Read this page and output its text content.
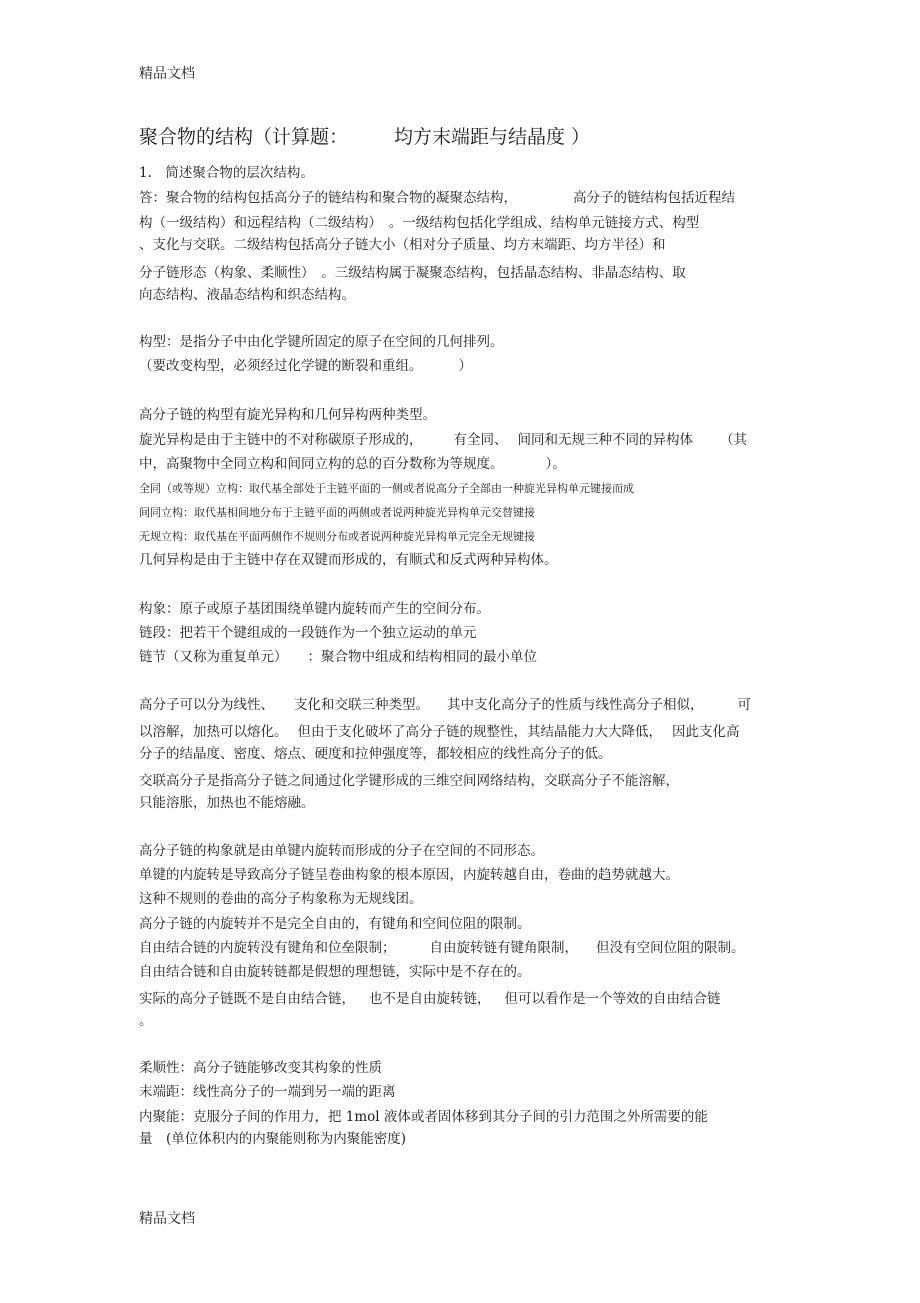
精品文档
聚合物的结构（计算题： 均方末端距与结晶度 ）
1.　简述聚合物的层次结构。
答：聚合物的结构包括高分子的链结构和聚合物的凝聚态结构，	高分子的链结构包括近程结
构（一级结构）和远程结构（二级结构）　。一级结构包括化学组成、结构单元链接方式、构型
、支化与交联。二级结构包括高分子链大小（相对分子质量、均方末端距、均方半径）和
分子链形态（构象、柔顺性）　。三级结构属于凝聚态结构，包括晶态结构、非晶态结构、取
向态结构、液晶态结构和织态结构。
构型：是指分子中由化学键所固定的原子在空间的几何排列。
（要改变构型，必须经过化学键的断裂和重组。	）
高分子链的构型有旋光异构和几何异构两种类型。
旋光异构是由于主链中的不对称碳原子形成的， 有全同、 间同和无规三种不同的异构体 （其
中，高聚物中全同立构和间同立构的总的百分数称为等规度。	）。
全同（或等规）立构：取代基全部处于主链平面的一侧或者说高分子全部由一种旋光异构单元键接而成
间同立构：取代基相间地分布于主链平面的两侧或者说两种旋光异构单元交替键接
无规立构：取代基在平面两侧作不规则分布或者说两种旋光异构单元完全无规键接
几何异构是由于主链中存在双键而形成的，有顺式和反式两种异构体。
构象：原子或原子基团围绕单键内旋转而产生的空间分布。
链段：把若干个键组成的一段链作为一个独立运动的单元
链节（又称为重复单元） ：聚合物中组成和结构相同的最小单位
高分子可以分为线性、 支化和交联三种类型。 其中支化高分子的性质与线性高分子相似，	可
以溶解，加热可以熔化。 但由于支化破坏了高分子链的规整性，其结晶能力大大降低， 因此支化高
分子的结晶度、密度、熔点、硬度和拉伸强度等，都较相应的线性高分子的低。
交联高分子是指高分子链之间通过化学键形成的三维空间网络结构，交联高分子不能溶解，
只能溶胀，加热也不能熔融。
高分子链的构象就是由单键内旋转而形成的分子在空间的不同形态。
单键的内旋转是导致高分子链呈卷曲构象的根本原因，内旋转越自由，卷曲的趋势就越大。
这种不规则的卷曲的高分子构象称为无规线团。
高分子链的内旋转并不是完全自由的，有键角和空间位阻的限制。
自由结合链的内旋转没有键角和位垒限制；	自由旋转链有键角限制， 但没有空间位阻的限制。
自由结合链和自由旋转链都是假想的理想链，实际中是不存在的。
实际的高分子链既不是自由结合链， 也不是自由旋转链， 但可以看作是一个等效的自由结合链
。
柔顺性：高分子链能够改变其构象的性质
末端距：线性高分子的一端到另一端的距离
内聚能：克服分子间的作用力，把 1mol 液体或者固体移到其分子间的引力范围之外所需要的能
量　(单位体积内的内聚能则称为内聚能密度)
精品文档
